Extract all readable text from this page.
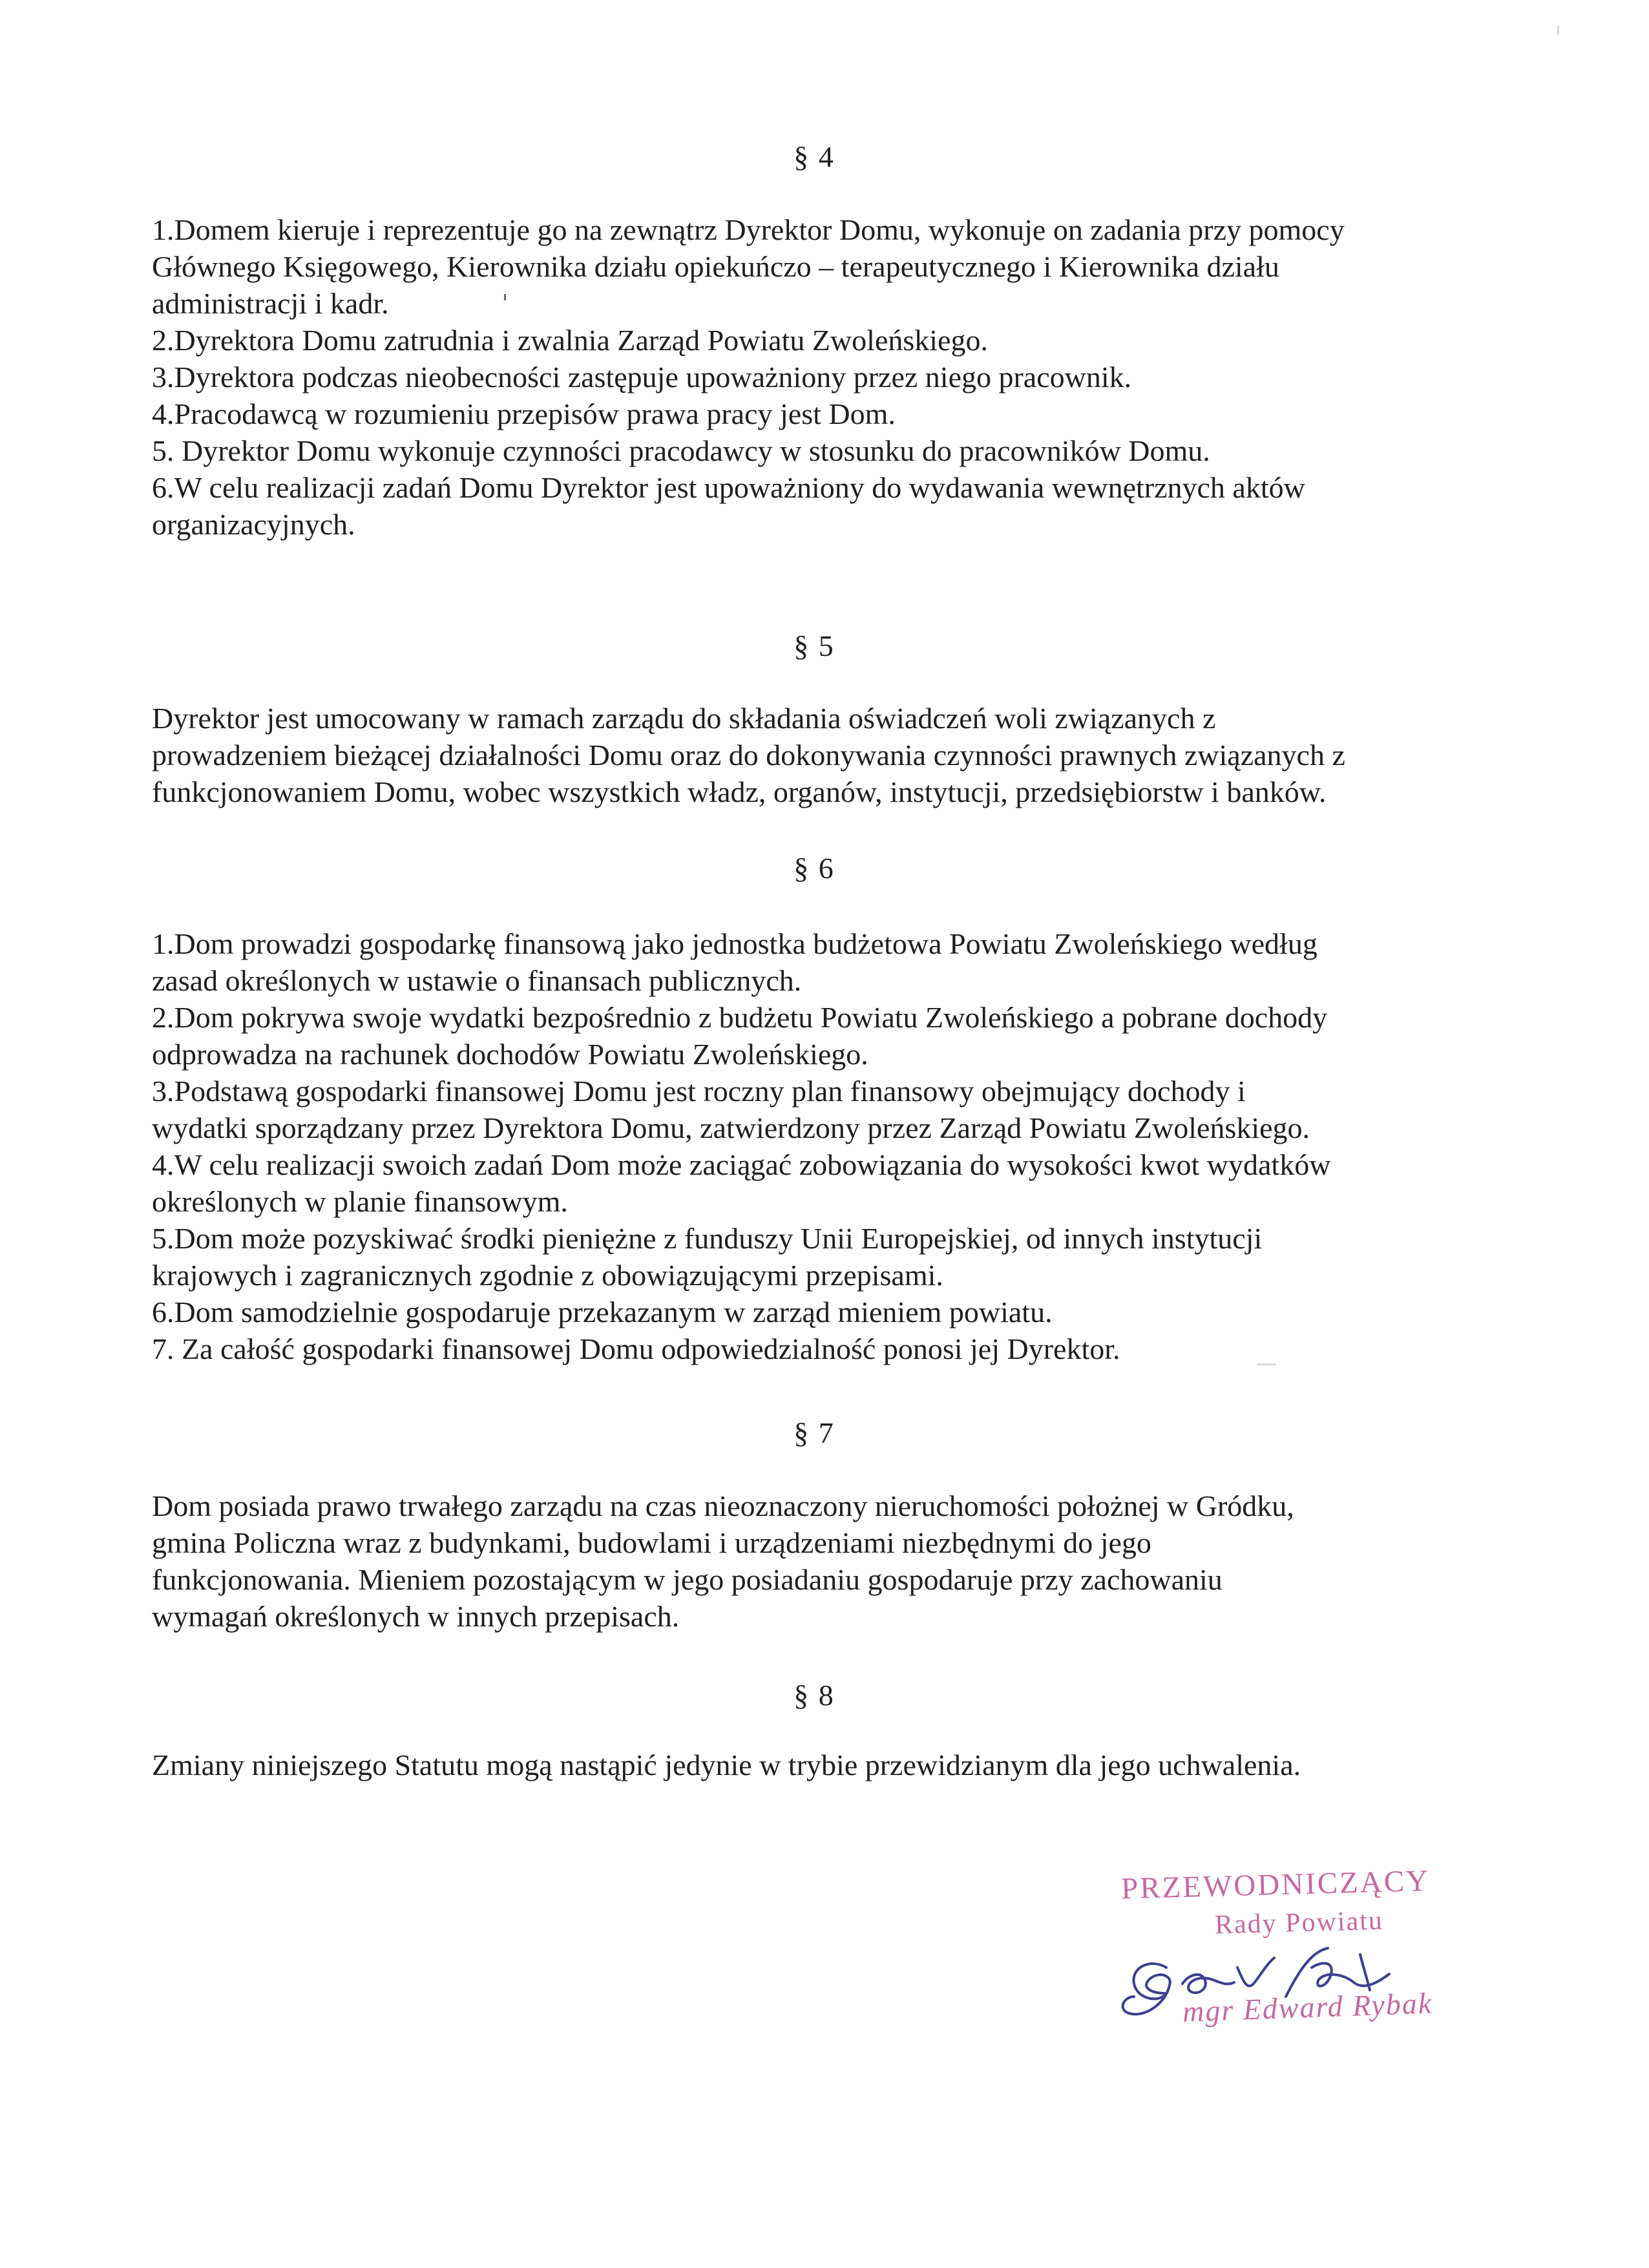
§ 4
1.Domem kieruje i reprezentuje go na zewnątrz Dyrektor Domu, wykonuje on zadania przy pomocy
Głównego Księgowego, Kierownika działu opiekuńczo – terapeutycznego i Kierownika działu
administracji i kadr.
2.Dyrektora Domu zatrudnia i zwalnia Zarząd Powiatu Zwoleńskiego.
3.Dyrektora podczas nieobecności zastępuje upoważniony przez niego pracownik.
4.Pracodawcą w rozumieniu przepisów prawa pracy jest Dom.
5. Dyrektor Domu wykonuje czynności pracodawcy w stosunku do pracowników Domu.
6.W celu realizacji zadań Domu Dyrektor jest upoważniony do wydawania wewnętrznych aktów
organizacyjnych.
§ 5
Dyrektor jest umocowany w ramach zarządu do składania oświadczeń woli związanych z
prowadzeniem bieżącej działalności Domu oraz do dokonywania czynności prawnych związanych z
funkcjonowaniem Domu, wobec wszystkich władz, organów, instytucji, przedsiębiorstw i banków.
§ 6
1.Dom prowadzi gospodarkę finansową jako jednostka budżetowa Powiatu Zwoleńskiego według
zasad określonych w ustawie o finansach publicznych.
2.Dom pokrywa swoje wydatki bezpośrednio z budżetu Powiatu Zwoleńskiego a pobrane dochody
odprowadza na rachunek dochodów Powiatu Zwoleńskiego.
3.Podstawą gospodarki finansowej Domu jest roczny plan finansowy obejmujący dochody i
wydatki sporządzany przez Dyrektora Domu, zatwierdzony przez Zarząd Powiatu Zwoleńskiego.
4.W celu realizacji swoich zadań Dom może zaciągać zobowiązania do wysokości kwot wydatków
określonych w planie finansowym.
5.Dom może pozyskiwać środki pieniężne z funduszy Unii Europejskiej, od innych instytucji
krajowych i zagranicznych zgodnie z obowiązującymi przepisami.
6.Dom samodzielnie gospodaruje przekazanym w zarząd mieniem powiatu.
7. Za całość gospodarki finansowej Domu odpowiedzialność ponosi jej Dyrektor.
§ 7
Dom posiada prawo trwałego zarządu na czas nieoznaczony nieruchomości położnej w Gródku,
gmina Policzna wraz z budynkami, budowlami i urządzeniami niezbędnymi do jego
funkcjonowania. Mieniem pozostającym w jego posiadaniu gospodaruje przy zachowaniu
wymagań określonych w innych przepisach.
§ 8
Zmiany niniejszego Statutu mogą nastąpić jedynie w trybie przewidzianym dla jego uchwalenia.
PRZEWODNICZĄCY
Rady Powiatu
mgr Edward Rybak
